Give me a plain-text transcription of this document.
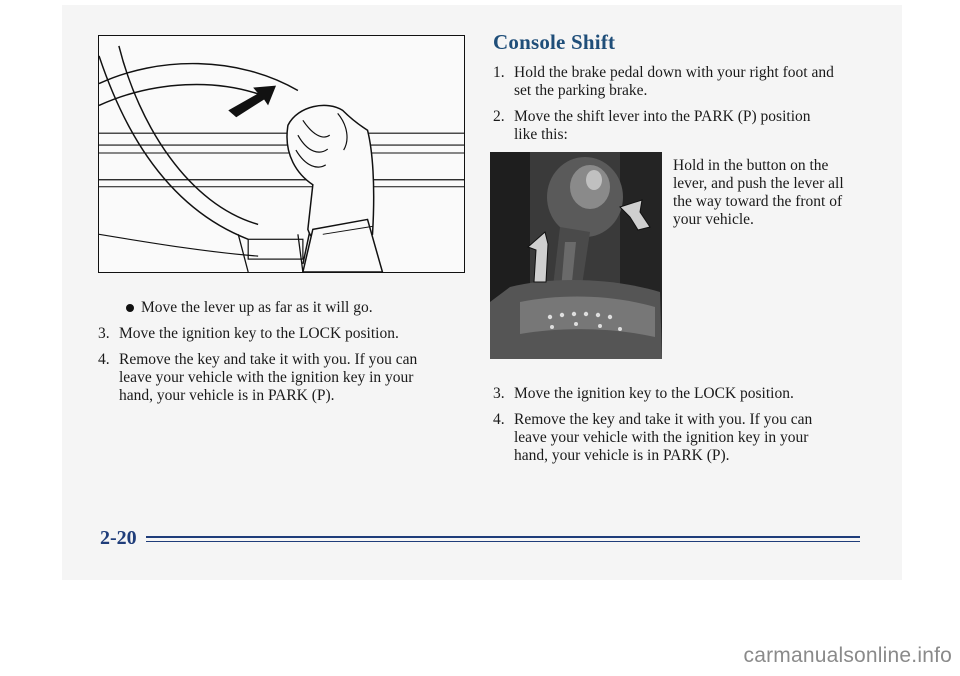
Move the lever up as far as it will go.
3. Move the ignition key to the LOCK position.
4. Remove the key and take it with you. If you can
leave your vehicle with the ignition key in your
hand, your vehicle is in PARK (P).
Console Shift
1. Hold the brake pedal down with your right foot and
set the parking brake.
2. Move the shift lever into the PARK (P) position
like this:
Hold in the button on the
lever, and push the lever all
the way toward the front of
your vehicle.
3. Move the ignition key to the LOCK position.
4. Remove the key and take it with you. If you can
leave your vehicle with the ignition key in your
hand, your vehicle is in PARK (P).
2-20
carmanualsonline.info
